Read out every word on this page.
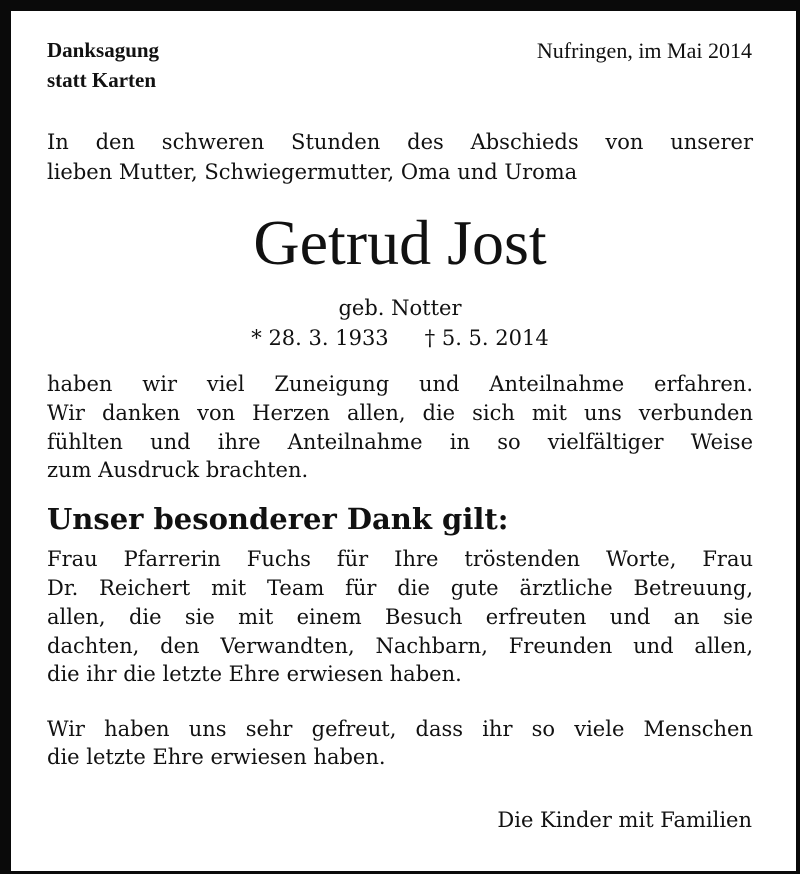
Danksagung
statt Karten
Nufringen, im Mai 2014
In den schweren Stunden des Abschieds von unserer
lieben Mutter, Schwiegermutter, Oma und Uroma
Getrud Jost
geb. Notter
* 28. 3. 1933 † 5. 5. 2014
haben wir viel Zuneigung und Anteilnahme erfahren.
Wir danken von Herzen allen, die sich mit uns verbunden
fühlten und ihre Anteilnahme in so vielfältiger Weise
zum Ausdruck brachten.
Unser besonderer Dank gilt:
Frau Pfarrerin Fuchs für Ihre tröstenden Worte, Frau
Dr. Reichert mit Team für die gute ärztliche Betreuung,
allen, die sie mit einem Besuch erfreuten und an sie
dachten, den Verwandten, Nachbarn, Freunden und allen,
die ihr die letzte Ehre erwiesen haben.
Wir haben uns sehr gefreut, dass ihr so viele Menschen
die letzte Ehre erwiesen haben.
Die Kinder mit Familien
